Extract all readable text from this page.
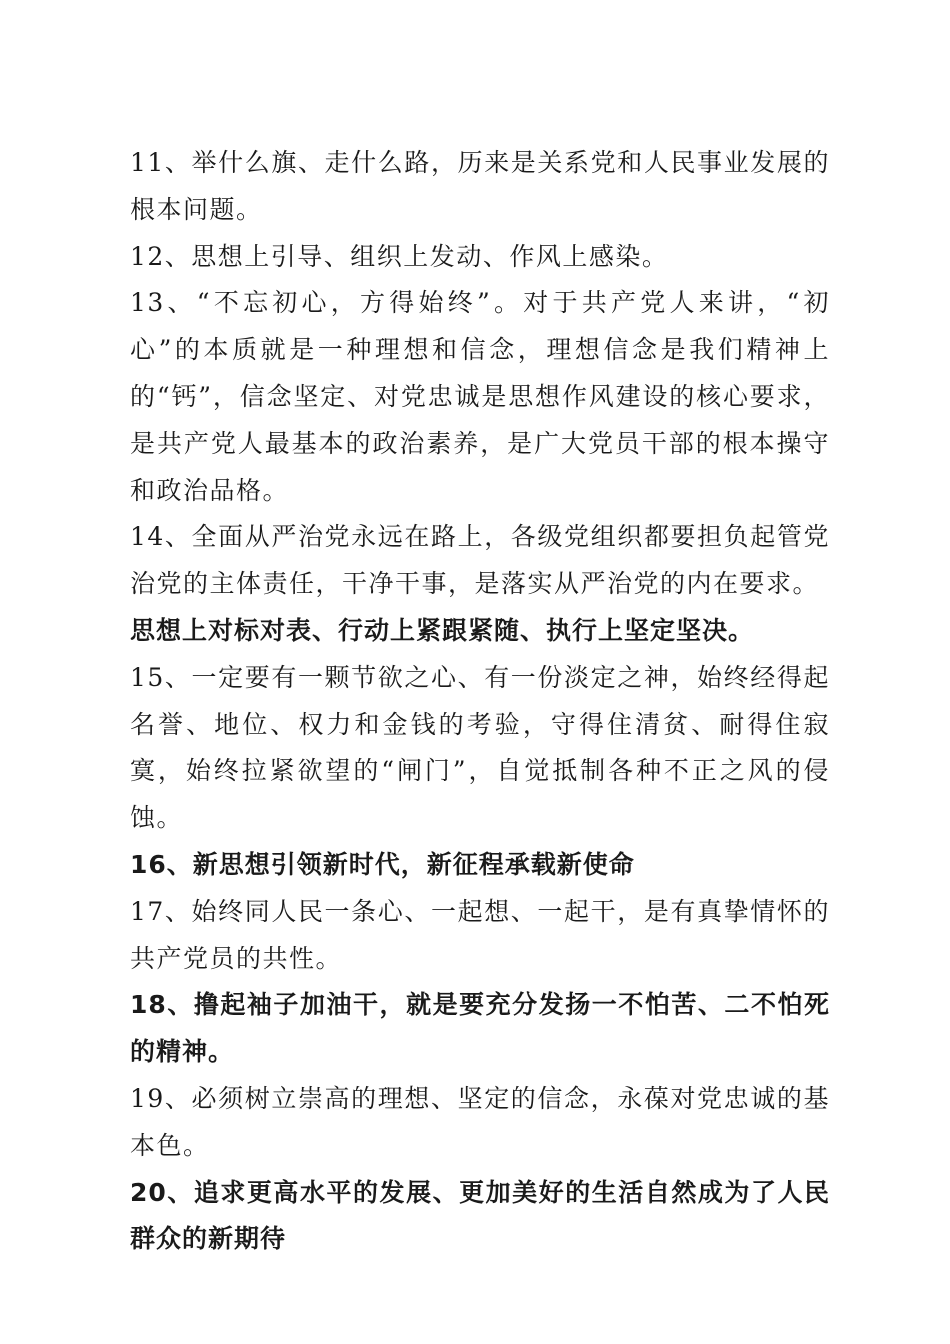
11、举什么旗、走什么路，历来是关系党和人民事业发展的根本问题。

12、思想上引导、组织上发动、作风上感染。

13、“不忘初心，方得始终”。对于共产党人来讲，“初心”的本质就是一种理想和信念，理想信念是我们精神上的“钙”，信念坚定、对党忠诚是思想作风建设的核心要求，是共产党人最基本的政治素养，是广大党员干部的根本操守和政治品格。

14、全面从严治党永远在路上，各级党组织都要担负起管党治党的主体责任，干净干事，是落实从严治党的内在要求。

思想上对标对表、行动上紧跟紧随、执行上坚定坚决。

15、一定要有一颗节欲之心、有一份淡定之神，始终经得起名誉、地位、权力和金钱的考验，守得住清贫、耐得住寂寞，始终拉紧欲望的“闸门”，自觉抵制各种不正之风的侵蚀。

16、新思想引领新时代，新征程承载新使命

17、始终同人民一条心、一起想、一起干，是有真挚情怀的共产党员的共性。

18、撸起袖子加油干，就是要充分发扬一不怕苦、二不怕死的精神。

19、必须树立崇高的理想、坚定的信念，永葆对党忠诚的基本色。

20、追求更高水平的发展、更加美好的生活自然成为了人民群众的新期待
